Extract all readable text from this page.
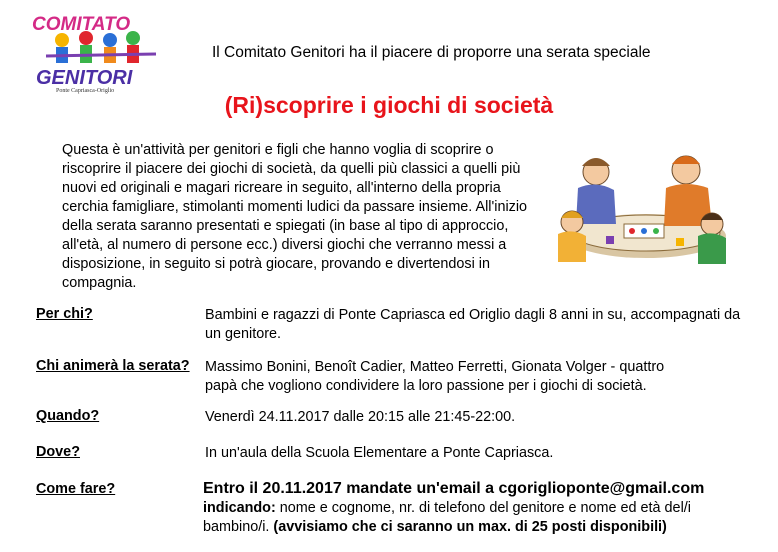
COMITATO
GENITORI
Ponte Capriasca-Origlio
Il Comitato Genitori ha il piacere di proporre una serata speciale
(Ri)scoprire i giochi di società
Questa è un'attività per genitori e figli che hanno voglia di scoprire o riscoprire il piacere dei giochi di società, da quelli più classici a quelli più nuovi ed originali e magari ricreare in seguito, all'interno della propria cerchia famigliare, stimolanti momenti ludici da passare insieme. All'inizio della serata saranno presentati e spiegati (in base al tipo di approccio, all'età, al numero di persone ecc.) diversi giochi che verranno messi a disposizione, in seguito si potrà giocare, provando e divertendosi in compagnia.
Per chi?	Bambini e ragazzi di Ponte Capriasca ed Origlio dagli 8 anni in su, accompagnati da un genitore.
Chi animerà la serata? Massimo Bonini, Benoît Cadier, Matteo Ferretti, Gionata Volger - quattro papà che vogliono condividere la loro passione per i giochi di società.
Quando?	Venerdì 24.11.2017 dalle 20:15 alle 21:45-22:00.
Dove?	In un'aula della Scuola Elementare a Ponte Capriasca.
Come fare?	Entro il 20.11.2017 mandate un'email a cgoriglioponte@gmail.com
indicando: nome e cognome, nr. di telefono del genitore e nome ed età del/i bambino/i. (avvisiamo che ci saranno un max. di 25 posti disponibili)
